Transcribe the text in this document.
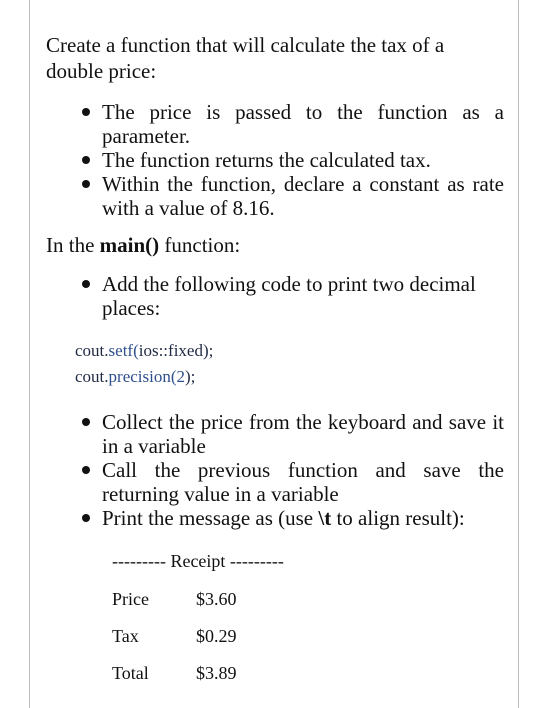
Create a function that will calculate the tax of a double price:

The price is passed to the function as a parameter.
The function returns the calculated tax.
Within the function, declare a constant as rate with a value of 8.16.
In the main() function:
Add the following code to print two decimal places:
cout.setf(ios::fixed);
cout.precision(2);
Collect the price from the keyboard and save it in a variable
Call the previous function and save the returning value in a variable
Print the message as (use \t to align result):
--------- Receipt ---------
Price	$3.60
Tax	$0.29
Total	$3.89
